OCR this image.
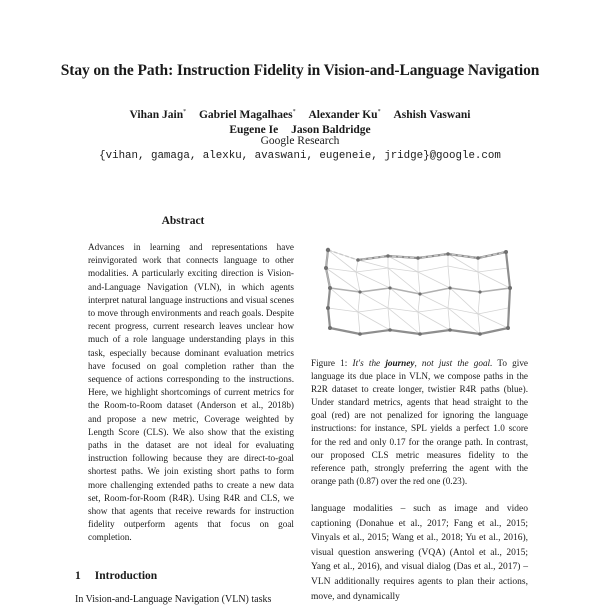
Stay on the Path: Instruction Fidelity in Vision-and-Language Navigation
Vihan Jain* Gabriel Magalhaes* Alexander Ku* Ashish Vaswani
Eugene Ie Jason Baldridge
Google Research
{vihan, gamaga, alexku, avaswani, eugeneie, jridge}@google.com
Abstract
Advances in learning and representations have reinvigorated work that connects language to other modalities. A particularly exciting direction is Vision-and-Language Navigation (VLN), in which agents interpret natural language instructions and visual scenes to move through environments and reach goals. Despite recent progress, current research leaves unclear how much of a role language understanding plays in this task, especially because dominant evaluation metrics have focused on goal completion rather than the sequence of actions corresponding to the instructions. Here, we highlight shortcomings of current metrics for the Room-to-Room dataset (Anderson et al., 2018b) and propose a new metric, Coverage weighted by Length Score (CLS). We also show that the existing paths in the dataset are not ideal for evaluating instruction following because they are direct-to-goal shortest paths. We join existing short paths to form more challenging extended paths to create a new data set, Room-for-Room (R4R). Using R4R and CLS, we show that agents that receive rewards for instruction fidelity outperform agents that focus on goal completion.
1 Introduction
In Vision-and-Language Navigation (VLN) tasks
Figure 1: It's the journey, not just the goal. To give language its due place in VLN, we compose paths in the R2R dataset to create longer, twistier R4R paths (blue). Under standard metrics, agents that head straight to the goal (red) are not penalized for ignoring the language instructions: for instance, SPL yields a perfect 1.0 score for the red and only 0.17 for the orange path. In contrast, our proposed CLS metric measures fidelity to the reference path, strongly preferring the agent with the orange path (0.87) over the red one (0.23).
language modalities – such as image and video captioning (Donahue et al., 2017; Fang et al., 2015; Vinyals et al., 2015; Wang et al., 2018; Yu et al., 2016), visual question answering (VQA) (Antol et al., 2015; Yang et al., 2016), and visual dialog (Das et al., 2017) – VLN additionally requires agents to plan their actions, move, and dynamically
